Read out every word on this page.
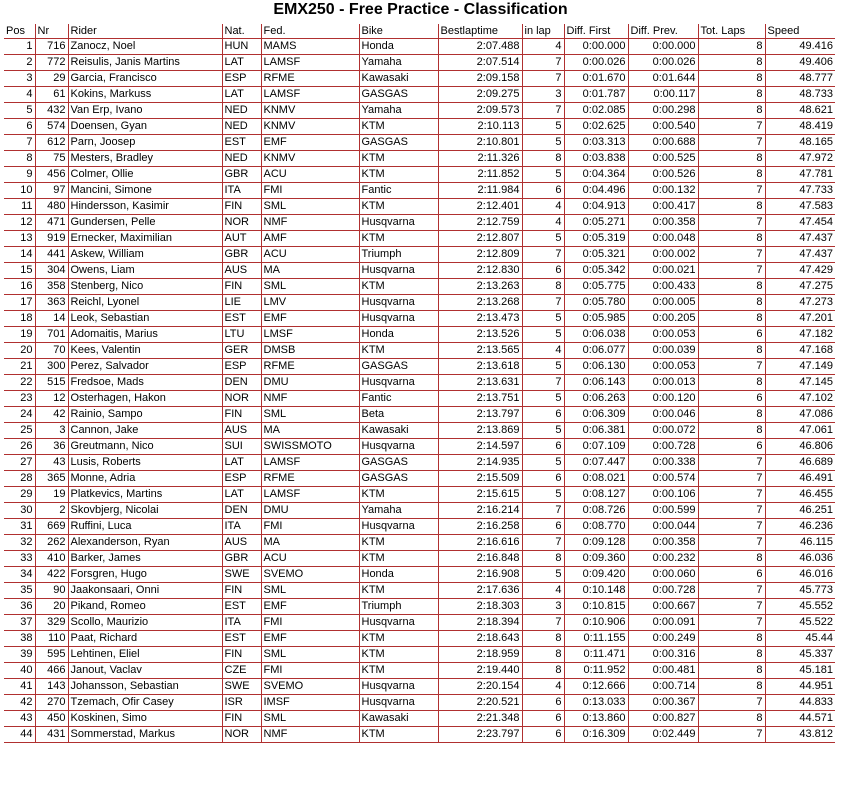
EMX250 - Free Practice - Classification
Pos	Nr	Rider	Nat.	Fed.	Bike	Bestlaptime	in lap	Diff. First	Diff. Prev.	Tot. Laps	Speed
1	716	Zanocz, Noel	HUN	MAMS	Honda	2:07.488	4	0:00.000	0:00.000	8	49.416
2	772	Reisulis, Janis Martins	LAT	LAMSF	Yamaha	2:07.514	7	0:00.026	0:00.026	8	49.406
3	29	Garcia, Francisco	ESP	RFME	Kawasaki	2:09.158	7	0:01.670	0:01.644	8	48.777
4	61	Kokins, Markuss	LAT	LAMSF	GASGAS	2:09.275	3	0:01.787	0:00.117	8	48.733
5	432	Van Erp, Ivano	NED	KNMV	Yamaha	2:09.573	7	0:02.085	0:00.298	8	48.621
6	574	Doensen, Gyan	NED	KNMV	KTM	2:10.113	5	0:02.625	0:00.540	7	48.419
7	612	Parn, Joosep	EST	EMF	GASGAS	2:10.801	5	0:03.313	0:00.688	7	48.165
8	75	Mesters, Bradley	NED	KNMV	KTM	2:11.326	8	0:03.838	0:00.525	8	47.972
9	456	Colmer, Ollie	GBR	ACU	KTM	2:11.852	5	0:04.364	0:00.526	8	47.781
10	97	Mancini, Simone	ITA	FMI	Fantic	2:11.984	6	0:04.496	0:00.132	7	47.733
11	480	Hindersson, Kasimir	FIN	SML	KTM	2:12.401	4	0:04.913	0:00.417	8	47.583
12	471	Gundersen, Pelle	NOR	NMF	Husqvarna	2:12.759	4	0:05.271	0:00.358	7	47.454
13	919	Ernecker, Maximilian	AUT	AMF	KTM	2:12.807	5	0:05.319	0:00.048	8	47.437
14	441	Askew, William	GBR	ACU	Triumph	2:12.809	7	0:05.321	0:00.002	7	47.437
15	304	Owens, Liam	AUS	MA	Husqvarna	2:12.830	6	0:05.342	0:00.021	7	47.429
16	358	Stenberg, Nico	FIN	SML	KTM	2:13.263	8	0:05.775	0:00.433	8	47.275
17	363	Reichl, Lyonel	LIE	LMV	Husqvarna	2:13.268	7	0:05.780	0:00.005	8	47.273
18	14	Leok, Sebastian	EST	EMF	Husqvarna	2:13.473	5	0:05.985	0:00.205	8	47.201
19	701	Adomaitis, Marius	LTU	LMSF	Honda	2:13.526	5	0:06.038	0:00.053	6	47.182
20	70	Kees, Valentin	GER	DMSB	KTM	2:13.565	4	0:06.077	0:00.039	8	47.168
21	300	Perez, Salvador	ESP	RFME	GASGAS	2:13.618	5	0:06.130	0:00.053	7	47.149
22	515	Fredsoe, Mads	DEN	DMU	Husqvarna	2:13.631	7	0:06.143	0:00.013	8	47.145
23	12	Osterhagen, Hakon	NOR	NMF	Fantic	2:13.751	5	0:06.263	0:00.120	6	47.102
24	42	Rainio, Sampo	FIN	SML	Beta	2:13.797	6	0:06.309	0:00.046	8	47.086
25	3	Cannon, Jake	AUS	MA	Kawasaki	2:13.869	5	0:06.381	0:00.072	8	47.061
26	36	Greutmann, Nico	SUI	SWISSMOTO	Husqvarna	2:14.597	6	0:07.109	0:00.728	6	46.806
27	43	Lusis, Roberts	LAT	LAMSF	GASGAS	2:14.935	5	0:07.447	0:00.338	7	46.689
28	365	Monne, Adria	ESP	RFME	GASGAS	2:15.509	6	0:08.021	0:00.574	7	46.491
29	19	Platkevics, Martins	LAT	LAMSF	KTM	2:15.615	5	0:08.127	0:00.106	7	46.455
30	2	Skovbjerg, Nicolai	DEN	DMU	Yamaha	2:16.214	7	0:08.726	0:00.599	7	46.251
31	669	Ruffini, Luca	ITA	FMI	Husqvarna	2:16.258	6	0:08.770	0:00.044	7	46.236
32	262	Alexanderson, Ryan	AUS	MA	KTM	2:16.616	7	0:09.128	0:00.358	7	46.115
33	410	Barker, James	GBR	ACU	KTM	2:16.848	8	0:09.360	0:00.232	8	46.036
34	422	Forsgren, Hugo	SWE	SVEMO	Honda	2:16.908	5	0:09.420	0:00.060	6	46.016
35	90	Jaakonsaari, Onni	FIN	SML	KTM	2:17.636	4	0:10.148	0:00.728	7	45.773
36	20	Pikand, Romeo	EST	EMF	Triumph	2:18.303	3	0:10.815	0:00.667	7	45.552
37	329	Scollo, Maurizio	ITA	FMI	Husqvarna	2:18.394	7	0:10.906	0:00.091	7	45.522
38	110	Paat, Richard	EST	EMF	KTM	2:18.643	8	0:11.155	0:00.249	8	45.44
39	595	Lehtinen, Eliel	FIN	SML	KTM	2:18.959	8	0:11.471	0:00.316	8	45.337
40	466	Janout, Vaclav	CZE	FMI	KTM	2:19.440	8	0:11.952	0:00.481	8	45.181
41	143	Johansson, Sebastian	SWE	SVEMO	Husqvarna	2:20.154	4	0:12.666	0:00.714	8	44.951
42	270	Tzemach, Ofir Casey	ISR	IMSF	Husqvarna	2:20.521	6	0:13.033	0:00.367	7	44.833
43	450	Koskinen, Simo	FIN	SML	Kawasaki	2:21.348	6	0:13.860	0:00.827	8	44.571
44	431	Sommerstad, Markus	NOR	NMF	KTM	2:23.797	6	0:16.309	0:02.449	7	43.812
